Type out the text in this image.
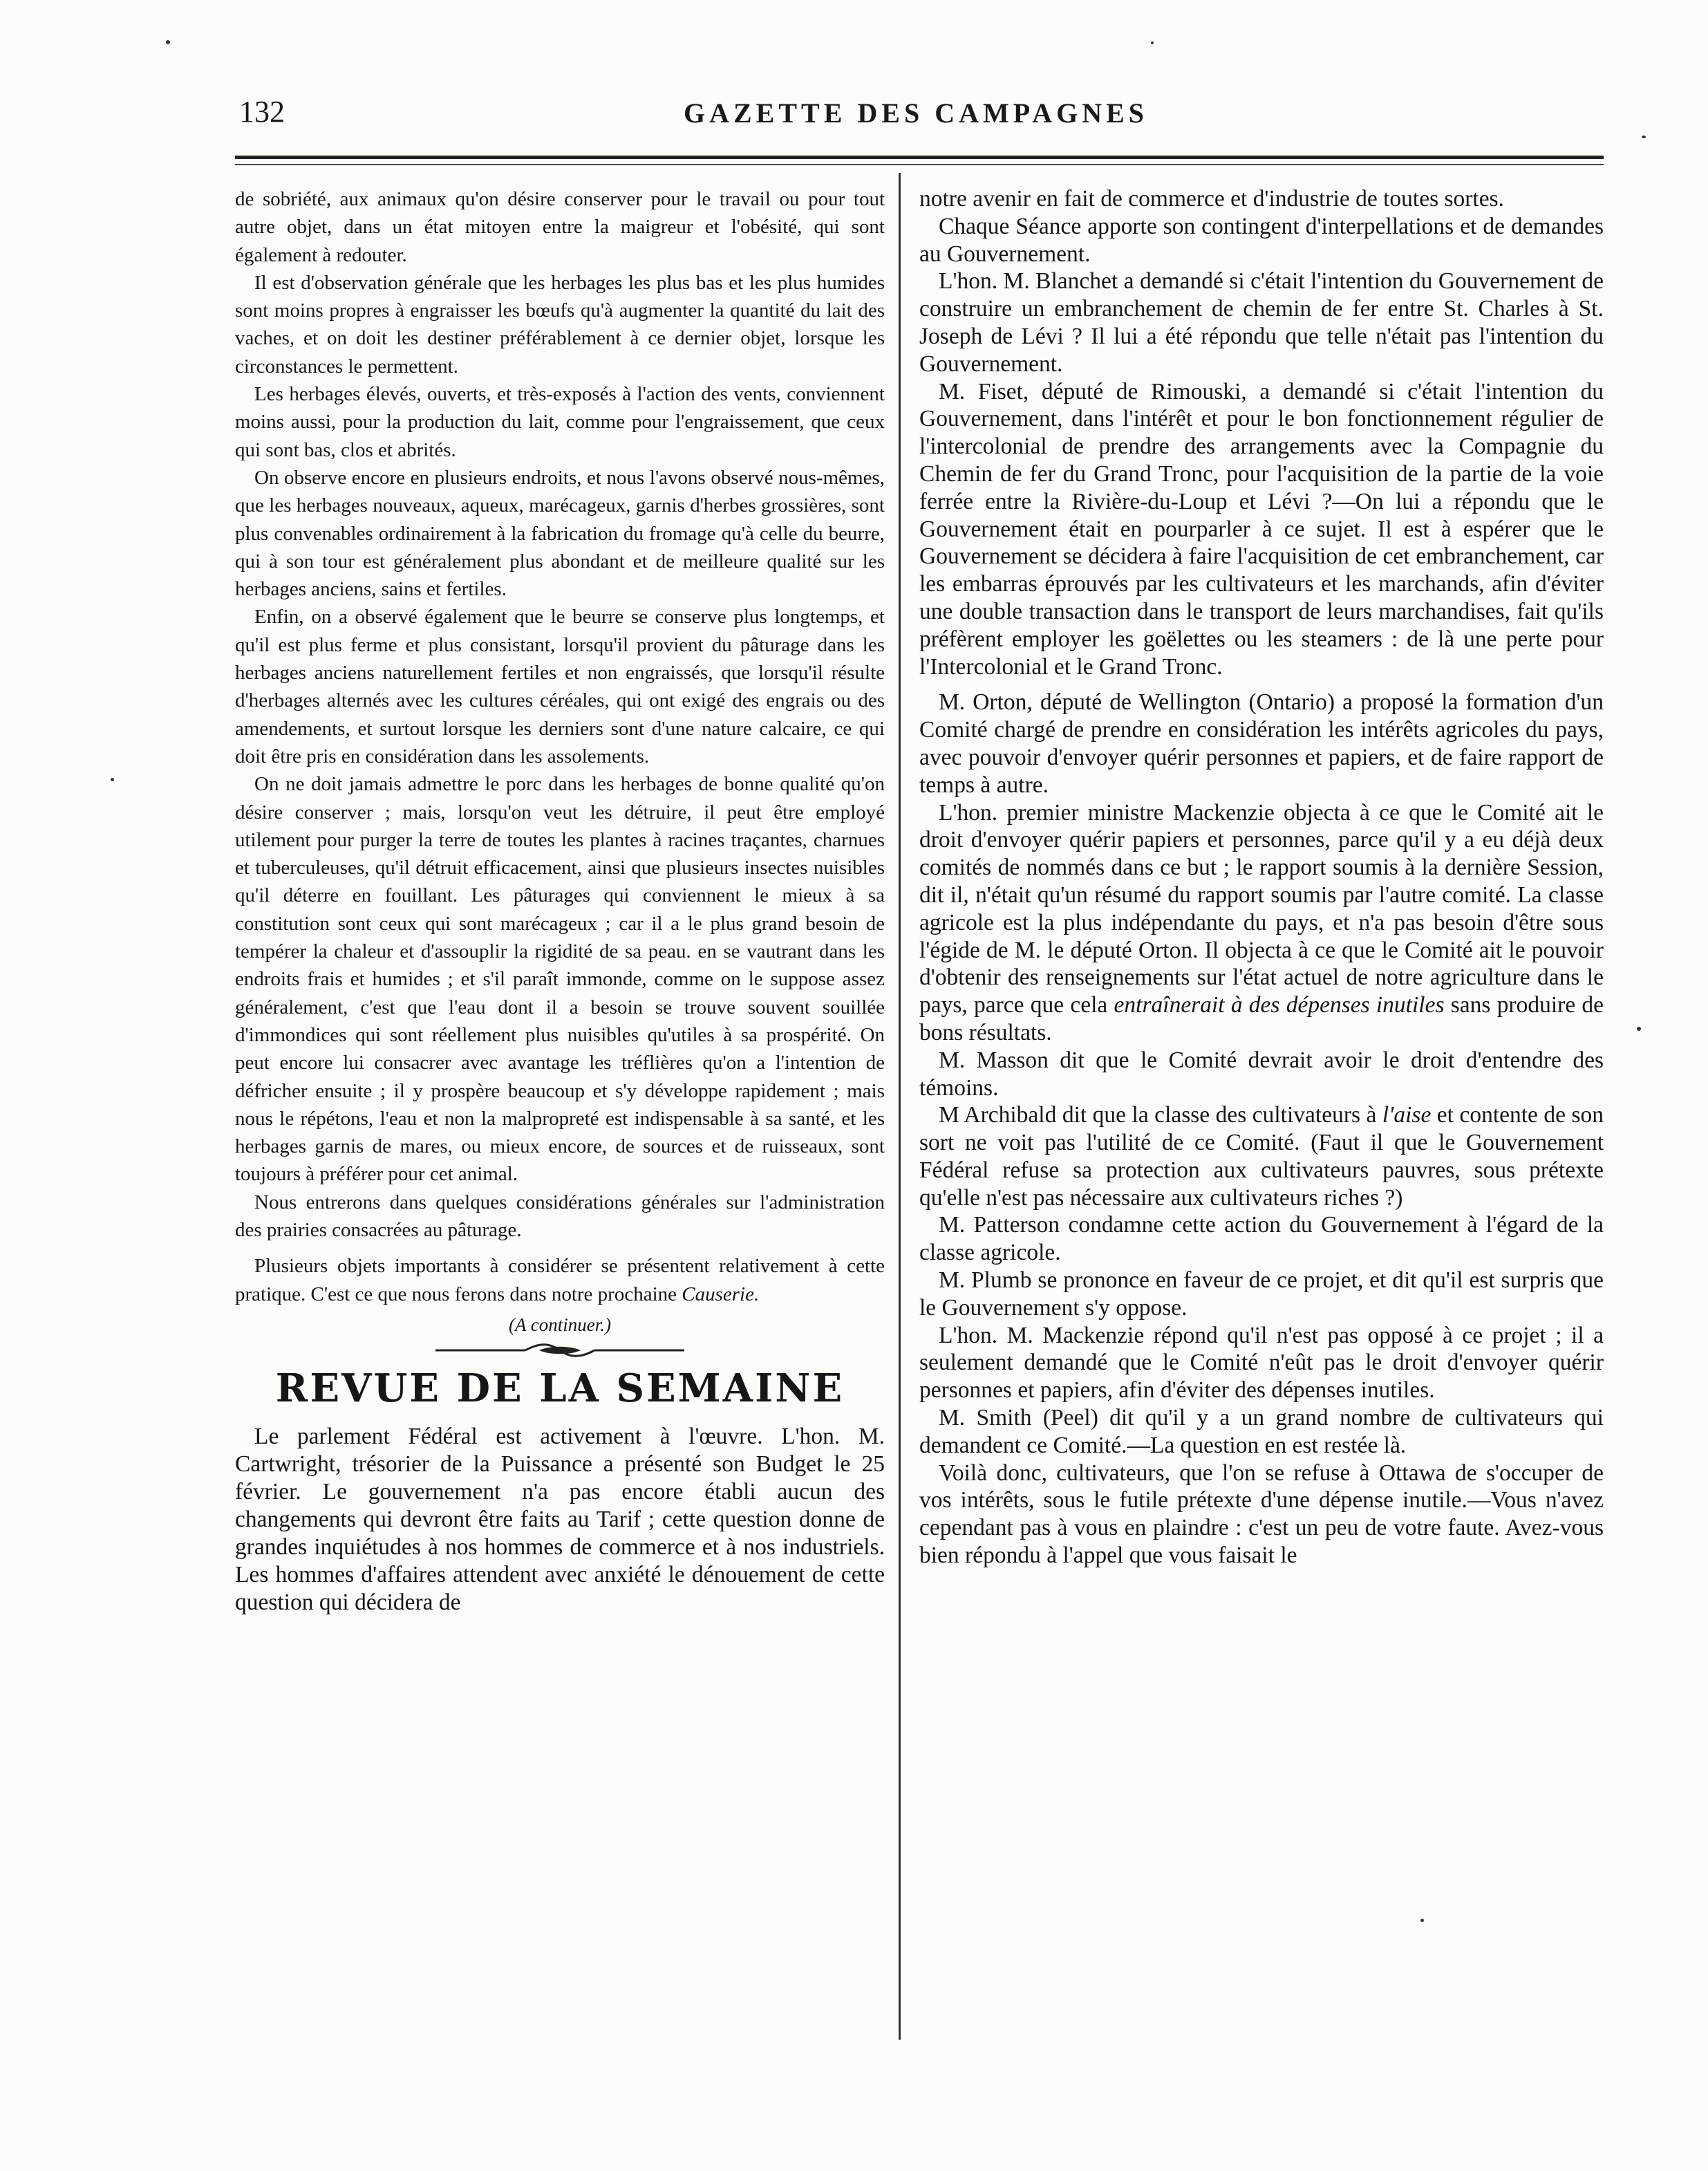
132	GAZETTE DES CAMPAGNES

de sobriété, aux animaux qu'on désire conserver pour le travail ou pour tout autre objet, dans un état mitoyen entre la maigreur et l'obésité, qui sont également à redouter.

Il est d'observation générale que les herbages les plus bas et les plus humides sont moins propres à engraisser les bœufs qu'à augmenter la quantité du lait des vaches, et on doit les destiner préférablement à ce dernier objet, lorsque les circonstances le permettent.

Les herbages élevés, ouverts, et très-exposés à l'action des vents, conviennent moins aussi, pour la production du lait, comme pour l'engraissement, que ceux qui sont bas, clos et abrités.

On observe encore en plusieurs endroits, et nous l'avons observé nous-mêmes, que les herbages nouveaux, aqueux, marécageux, garnis d'herbes grossières, sont plus convenables ordinairement à la fabrication du fromage qu'à celle du beurre, qui à son tour est généralement plus abondant et de meilleure qualité sur les herbages anciens, sains et fertiles.

Enfin, on a observé également que le beurre se conserve plus longtemps, et qu'il est plus ferme et plus consistant, lorsqu'il provient du pâturage dans les herbages anciens naturellement fertiles et non engraissés, que lorsqu'il résulte d'herbages alternés avec les cultures céréales, qui ont exigé des engrais ou des amendements, et surtout lorsque les derniers sont d'une nature calcaire, ce qui doit être pris en considération dans les assolements.

On ne doit jamais admettre le porc dans les herbages de bonne qualité qu'on désire conserver ; mais, lorsqu'on veut les détruire, il peut être employé utilement pour purger la terre de toutes les plantes à racines traçantes, charnues et tuberculeuses, qu'il détruit efficacement, ainsi que plusieurs insectes nuisibles qu'il déterre en fouillant. Les pâturages qui conviennent le mieux à sa constitution sont ceux qui sont marécageux ; car il a le plus grand besoin de tempérer la chaleur et d'assouplir la rigidité de sa peau. en se vautrant dans les endroits frais et humides ; et s'il paraît immonde, comme on le suppose assez généralement, c'est que l'eau dont il a besoin se trouve souvent souillée d'immondices qui sont réellement plus nuisibles qu'utiles à sa prospérité. On peut encore lui consacrer avec avantage les tréflières qu'on a l'intention de défricher ensuite ; il y prospère beaucoup et s'y développe rapidement ; mais nous le répétons, l'eau et non la malpropreté est indispensable à sa santé, et les herbages garnis de mares, ou mieux encore, de sources et de ruisseaux, sont toujours à préférer pour cet animal.

Nous entrerons dans quelques considérations générales sur l'administration des prairies consacrées au pâturage.

Plusieurs objets importants à considérer se présentent relativement à cette pratique. C'est ce que nous ferons dans notre prochaine Causerie.

(A continuer.)
REVUE DE LA SEMAINE

Le parlement Fédéral est activement à l'œuvre. L'hon. M. Cartwright, trésorier de la Puissance a présenté son Budget le 25 février. Le gouvernement n'a pas encore établi aucun des changements qui devront être faits au Tarif ; cette question donne de grandes inquiétudes à nos hommes de commerce et à nos industriels. Les hommes d'affaires attendent avec anxiété le dénouement de cette question qui décidera de

notre avenir en fait de commerce et d'industrie de toutes sortes.

Chaque Séance apporte son contingent d'interpellations et de demandes au Gouvernement.

L'hon. M. Blanchet a demandé si c'était l'intention du Gouvernement de construire un embranchement de chemin de fer entre St. Charles à St. Joseph de Lévi ? Il lui a été répondu que telle n'était pas l'intention du Gouvernement.

M. Fiset, député de Rimouski, a demandé si c'était l'intention du Gouvernement, dans l'intérêt et pour le bon fonctionnement régulier de l'intercolonial de prendre des arrangements avec la Compagnie du Chemin de fer du Grand Tronc, pour l'acquisition de la partie de la voie ferrée entre la Rivière-du-Loup et Lévi ?—On lui a répondu que le Gouvernement était en pourparler à ce sujet. Il est à espérer que le Gouvernement se décidera à faire l'acquisition de cet embranchement, car les embarras éprouvés par les cultivateurs et les marchands, afin d'éviter une double transaction dans le transport de leurs marchandises, fait qu'ils préfèrent employer les goëlettes ou les steamers : de là une perte pour l'Intercolonial et le Grand Tronc.

M. Orton, député de Wellington (Ontario) a proposé la formation d'un Comité chargé de prendre en considération les intérêts agricoles du pays, avec pouvoir d'envoyer quérir personnes et papiers, et de faire rapport de temps à autre.

L'hon. premier ministre Mackenzie objecta à ce que le Comité ait le droit d'envoyer quérir papiers et personnes, parce qu'il y a eu déjà deux comités de nommés dans ce but ; le rapport soumis à la dernière Session, dit il, n'était qu'un résumé du rapport soumis par l'autre comité. La classe agricole est la plus indépendante du pays, et n'a pas besoin d'être sous l'égide de M. le député Orton. Il objecta à ce que le Comité ait le pouvoir d'obtenir des renseignements sur l'état actuel de notre agriculture dans le pays, parce que cela entraînerait à des dépenses inutiles sans produire de bons résultats.

M. Masson dit que le Comité devrait avoir le droit d'entendre des témoins.

M Archibald dit que la classe des cultivateurs à l'aise et contente de son sort ne voit pas l'utilité de ce Comité. (Faut il que le Gouvernement Fédéral refuse sa protection aux cultivateurs pauvres, sous prétexte qu'elle n'est pas nécessaire aux cultivateurs riches ?)

M. Patterson condamne cette action du Gouvernement à l'égard de la classe agricole.

M. Plumb se prononce en faveur de ce projet, et dit qu'il est surpris que le Gouvernement s'y oppose.

L'hon. M. Mackenzie répond qu'il n'est pas opposé à ce projet ; il a seulement demandé que le Comité n'eût pas le droit d'envoyer quérir personnes et papiers, afin d'éviter des dépenses inutiles.

M. Smith (Peel) dit qu'il y a un grand nombre de cultivateurs qui demandent ce Comité.—La question en est restée là.

Voilà donc, cultivateurs, que l'on se refuse à Ottawa de s'occuper de vos intérêts, sous le futile prétexte d'une dépense inutile.—Vous n'avez cependant pas à vous en plaindre : c'est un peu de votre faute. Avez-vous bien répondu à l'appel que vous faisait le
